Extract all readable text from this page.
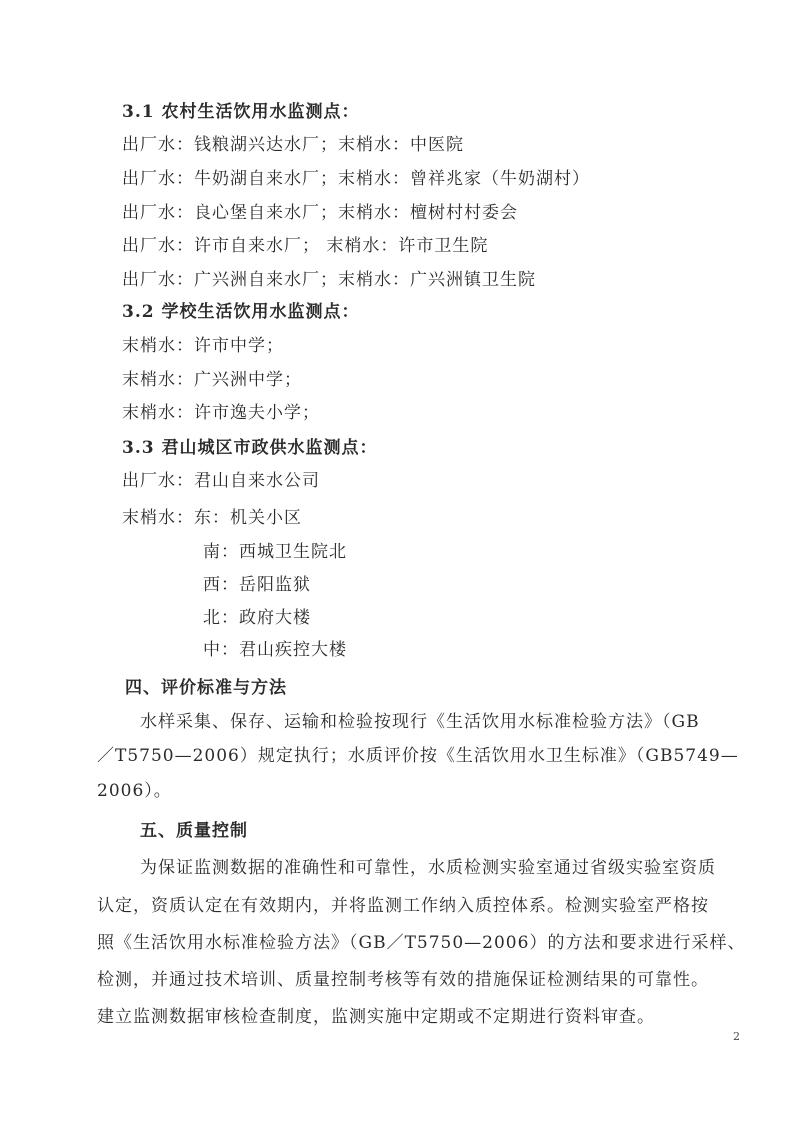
3.1 农村生活饮用水监测点：
出厂水：钱粮湖兴达水厂；末梢水：中医院
出厂水：牛奶湖自来水厂；末梢水：曾祥兆家（牛奶湖村）
出厂水：良心堡自来水厂；末梢水：檀树村村委会
出厂水：许市自来水厂； 末梢水：许市卫生院
出厂水：广兴洲自来水厂；末梢水：广兴洲镇卫生院
3.2 学校生活饮用水监测点：
末梢水：许市中学；
末梢水：广兴洲中学；
末梢水：许市逸夫小学；
3.3 君山城区市政供水监测点：
出厂水：君山自来水公司
末梢水：东：机关小区
南：西城卫生院北
西：岳阳监狱
北：政府大楼
中：君山疾控大楼
四、评价标准与方法
水样采集、保存、运输和检验按现行《生活饮用水标准检验方法》（GB
／T5750—2006）规定执行；水质评价按《生活饮用水卫生标准》（GB5749—
2006）。
五、质量控制
为保证监测数据的准确性和可靠性，水质检测实验室通过省级实验室资质
认定，资质认定在有效期内，并将监测工作纳入质控体系。检测实验室严格按
照《生活饮用水标准检验方法》（GB／T5750—2006）的方法和要求进行采样、
检测，并通过技术培训、质量控制考核等有效的措施保证检测结果的可靠性。
建立监测数据审核检查制度，监测实施中定期或不定期进行资料审查。
2
